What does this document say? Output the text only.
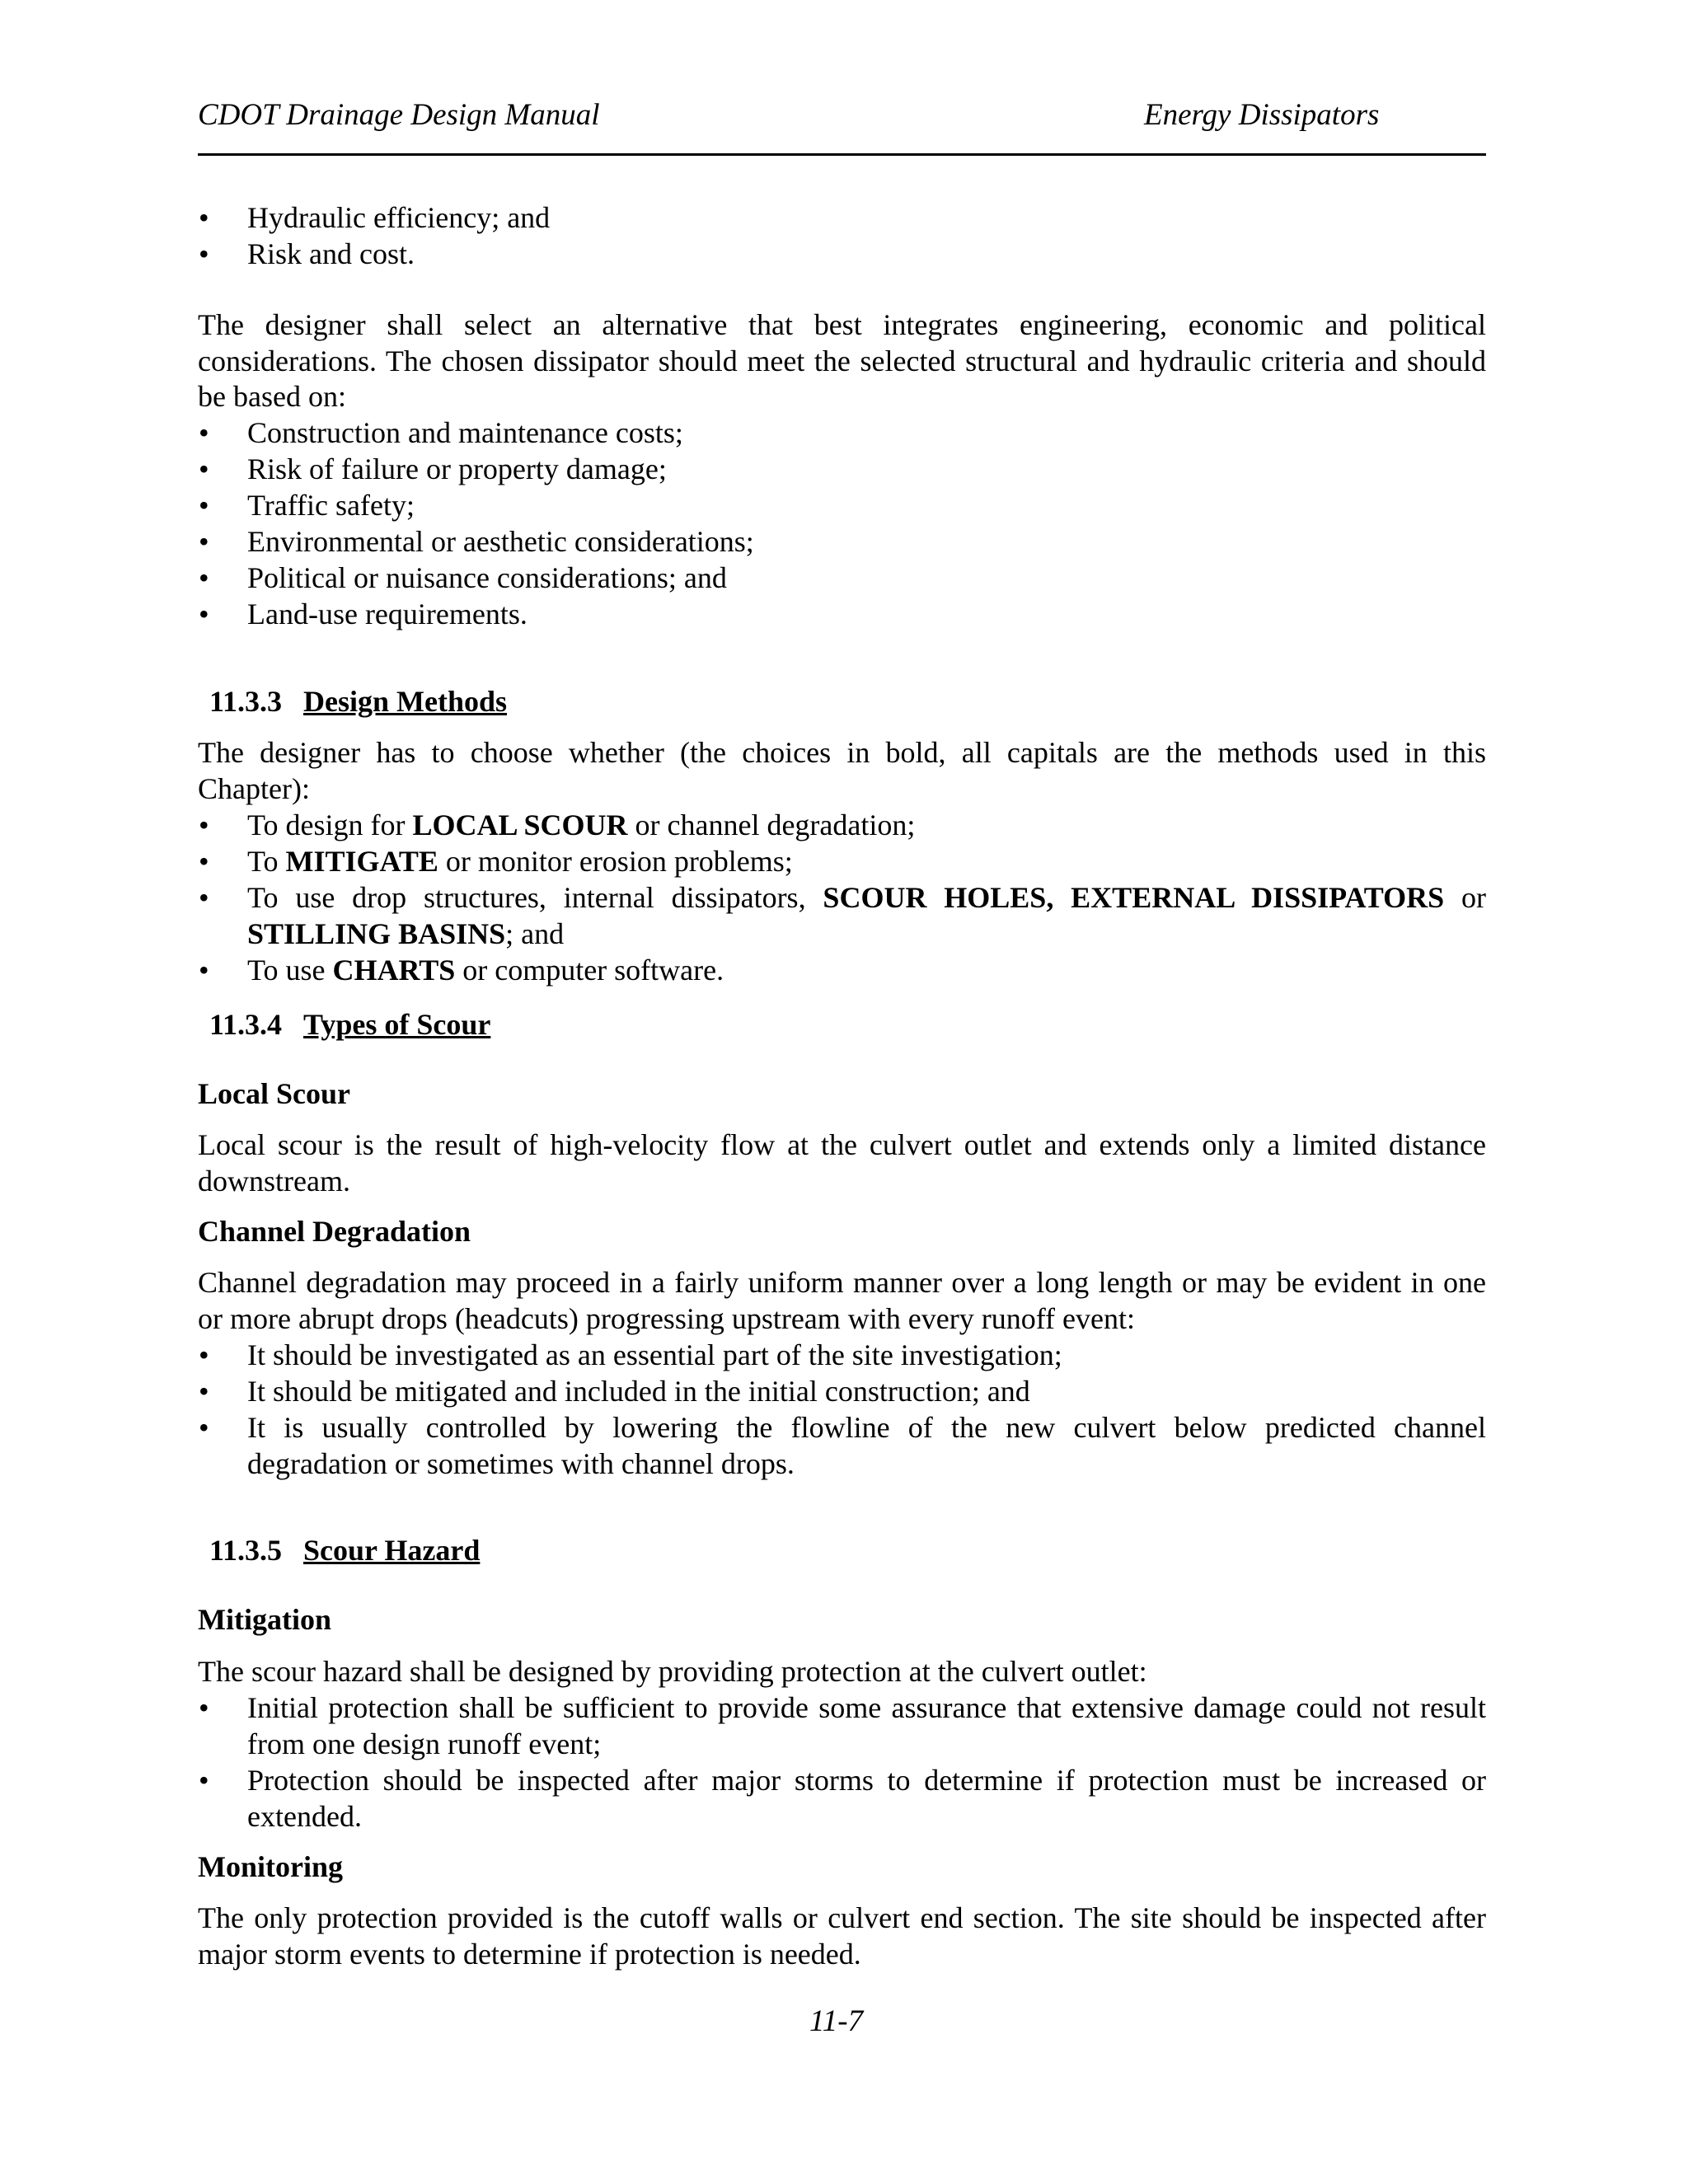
CDOT Drainage Design Manual	Energy Dissipators
• Hydraulic efficiency; and
• Risk and cost.
The designer shall select an alternative that best integrates engineering, economic and political
considerations. The chosen dissipator should meet the selected structural and hydraulic criteria and should
be based on:
• Construction and maintenance costs;
• Risk of failure or property damage;
• Traffic safety;
• Environmental or aesthetic considerations;
• Political or nuisance considerations; and
• Land-use requirements.
11.3.3 Design Methods
The designer has to choose whether (the choices in bold, all capitals are the methods used in this
Chapter):
• To design for LOCAL SCOUR or channel degradation;
• To MITIGATE or monitor erosion problems;
• To use drop structures, internal dissipators, SCOUR HOLES, EXTERNAL DISSIPATORS or
STILLING BASINS; and
• To use CHARTS or computer software.
11.3.4 Types of Scour
Local Scour
Local scour is the result of high-velocity flow at the culvert outlet and extends only a limited distance
downstream.
Channel Degradation
Channel degradation may proceed in a fairly uniform manner over a long length or may be evident in one
or more abrupt drops (headcuts) progressing upstream with every runoff event:
• It should be investigated as an essential part of the site investigation;
• It should be mitigated and included in the initial construction; and
• It is usually controlled by lowering the flowline of the new culvert below predicted channel
degradation or sometimes with channel drops.
11.3.5 Scour Hazard
Mitigation
The scour hazard shall be designed by providing protection at the culvert outlet:
• Initial protection shall be sufficient to provide some assurance that extensive damage could not result
from one design runoff event;
• Protection should be inspected after major storms to determine if protection must be increased or
extended.
Monitoring
The only protection provided is the cutoff walls or culvert end section. The site should be inspected after
major storm events to determine if protection is needed.
11-7
